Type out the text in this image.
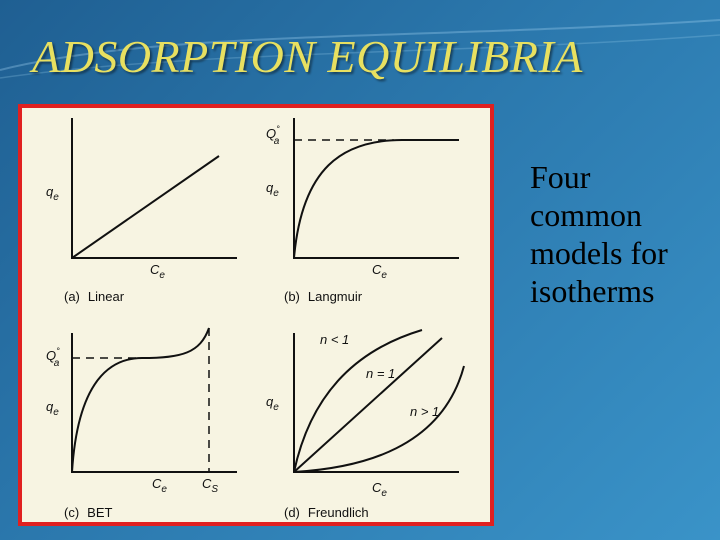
ADSORPTION EQUILIBRIA
$q_e$
$C_e$
(a) Linear
Q° a
$q_e$
$C_e$
(b) Langmuir
Q° a
$q_e$
$C_e$	$C_S$
(c) BET
n < 1
n = 1
n > 1
$q_e$
$C_e$
(d) Freundlich

Four
common
models for
isotherms
